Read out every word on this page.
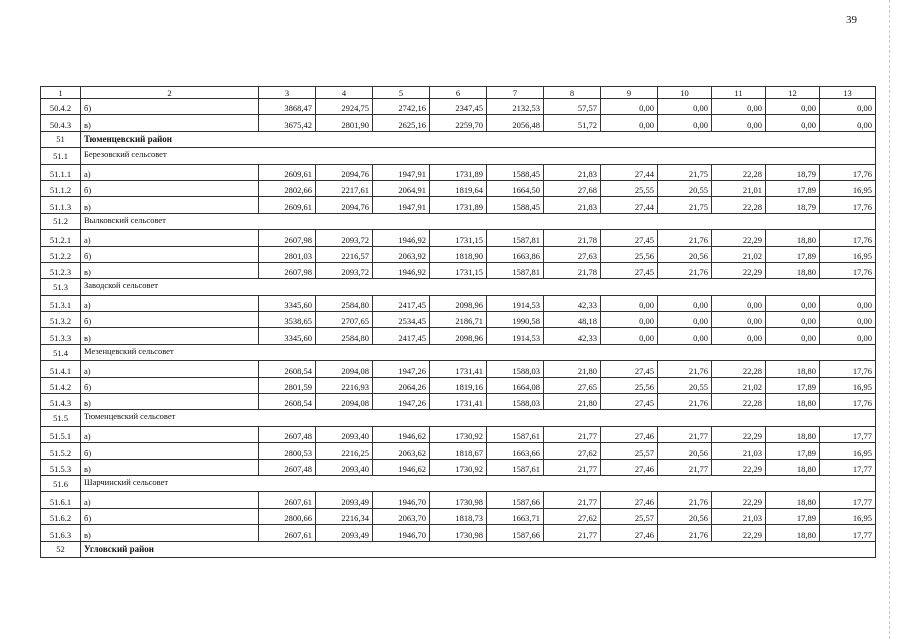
39
1	2	3	4	5	6	7	8	9	10	11	12	13
50.4.2	б)	3868,47	2924,75	2742,16	2347,45	2132,53	57,57	0,00	0,00	0,00	0,00	0,00
50.4.3	в)	3675,42	2801,90	2625,16	2259,70	2056,48	51,72	0,00	0,00	0,00	0,00	0,00
51	Тюменцевский район											
51.1	Березовский сельсовет											
51.1.1	а)	2609,61	2094,76	1947,91	1731,89	1588,45	21,83	27,44	21,75	22,28	18,79	17,76
51.1.2	б)	2802,66	2217,61	2064,91	1819,64	1664,50	27,68	25,55	20,55	21,01	17,89	16,95
51.1.3	в)	2609,61	2094,76	1947,91	1731,89	1588,45	21,83	27,44	21,75	22,28	18,79	17,76
51.2	Вылковский сельсовет											
51.2.1	а)	2607,98	2093,72	1946,92	1731,15	1587,81	21,78	27,45	21,76	22,29	18,80	17,76
51.2.2	б)	2801,03	2216,57	2063,92	1818,90	1663,86	27,63	25,56	20,56	21,02	17,89	16,95
51.2.3	в)	2607,98	2093,72	1946,92	1731,15	1587,81	21,78	27,45	21,76	22,29	18,80	17,76
51.3	Заводской сельсовет											
51.3.1	а)	3345,60	2584,80	2417,45	2098,96	1914,53	42,33	0,00	0,00	0,00	0,00	0,00
51.3.2	б)	3538,65	2707,65	2534,45	2186,71	1990,58	48,18	0,00	0,00	0,00	0,00	0,00
51.3.3	в)	3345,60	2584,80	2417,45	2098,96	1914,53	42,33	0,00	0,00	0,00	0,00	0,00
51.4	Мезенцевский сельсовет											
51.4.1	а)	2608,54	2094,08	1947,26	1731,41	1588,03	21,80	27,45	21,76	22,28	18,80	17,76
51.4.2	б)	2801,59	2216,93	2064,26	1819,16	1664,08	27,65	25,56	20,55	21,02	17,89	16,95
51.4.3	в)	2608,54	2094,08	1947,26	1731,41	1588,03	21,80	27,45	21,76	22,28	18,80	17,76
51.5	Тюменцевский сельсовет											
51.5.1	а)	2607,48	2093,40	1946,62	1730,92	1587,61	21,77	27,46	21,77	22,29	18,80	17,77
51.5.2	б)	2800,53	2216,25	2063,62	1818,67	1663,66	27,62	25,57	20,56	21,03	17,89	16,95
51.5.3	в)	2607,48	2093,40	1946,62	1730,92	1587,61	21,77	27,46	21,77	22,29	18,80	17,77
51.6	Шарчинский сельсовет											
51.6.1	а)	2607,61	2093,49	1946,70	1730,98	1587,66	21,77	27,46	21,76	22,29	18,80	17,77
51.6.2	б)	2800,66	2216,34	2063,70	1818,73	1663,71	27,62	25,57	20,56	21,03	17,89	16,95
51.6.3	в)	2607,61	2093,49	1946,70	1730,98	1587,66	21,77	27,46	21,76	22,29	18,80	17,77
52	Угловский район											
